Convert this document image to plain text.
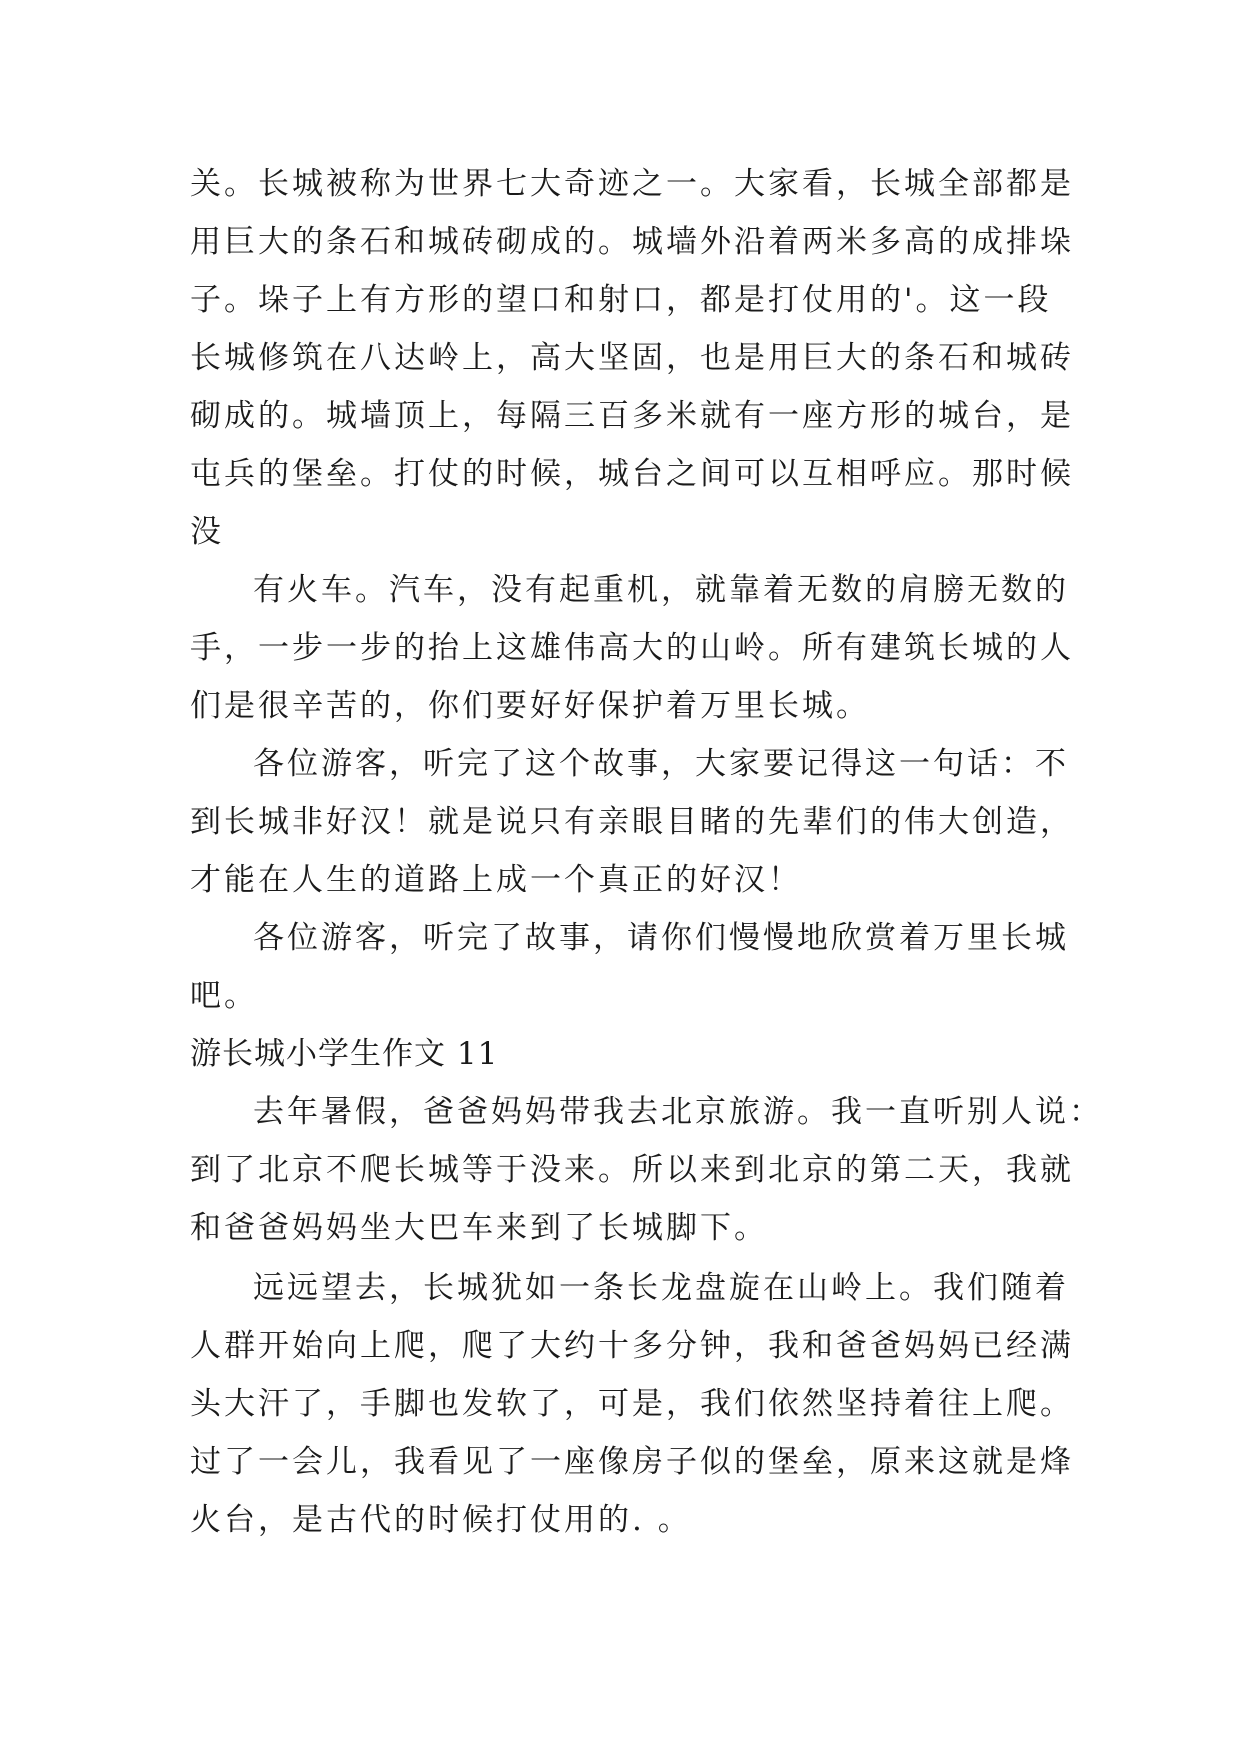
关。长城被称为世界七大奇迹之一。大家看，长城全部都是
用巨大的条石和城砖砌成的。城墙外沿着两米多高的成排垛
子。垛子上有方形的望口和射口，都是打仗用的'。这一段
长城修筑在八达岭上，高大坚固，也是用巨大的条石和城砖
砌成的。城墙顶上，每隔三百多米就有一座方形的城台，是
屯兵的堡垒。打仗的时候，城台之间可以互相呼应。那时候
没
有火车。汽车，没有起重机，就靠着无数的肩膀无数的
手，一步一步的抬上这雄伟高大的山岭。所有建筑长城的人
们是很辛苦的，你们要好好保护着万里长城。
各位游客，听完了这个故事，大家要记得这一句话：不
到长城非好汉！就是说只有亲眼目睹的先辈们的伟大创造，
才能在人生的道路上成一个真正的好汉！
各位游客，听完了故事，请你们慢慢地欣赏着万里长城
吧。
游长城小学生作文 11
去年暑假，爸爸妈妈带我去北京旅游。我一直听别人说：
到了北京不爬长城等于没来。所以来到北京的第二天，我就
和爸爸妈妈坐大巴车来到了长城脚下。
远远望去，长城犹如一条长龙盘旋在山岭上。我们随着
人群开始向上爬，爬了大约十多分钟，我和爸爸妈妈已经满
头大汗了，手脚也发软了，可是，我们依然坚持着往上爬。
过了一会儿，我看见了一座像房子似的堡垒，原来这就是烽
火台，是古代的时候打仗用的. 。
